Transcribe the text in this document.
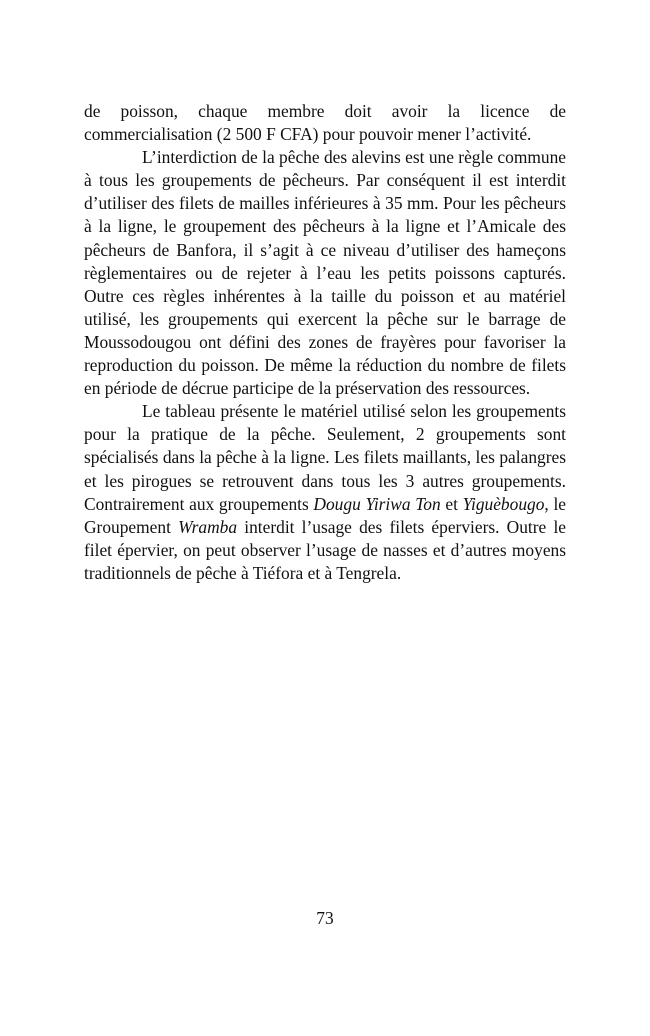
de poisson, chaque membre doit avoir la licence de commercialisation (2 500 F CFA) pour pouvoir mener l’activité.

L’interdiction de la pêche des alevins est une règle commune à tous les groupements de pêcheurs. Par conséquent il est interdit d’utiliser des filets de mailles inférieures à 35 mm. Pour les pêcheurs à la ligne, le groupement des pêcheurs à la ligne et l’Amicale des pêcheurs de Banfora, il s’agit à ce niveau d’utiliser des hameçons règlementaires ou de rejeter à l’eau les petits poissons capturés. Outre ces règles inhérentes à la taille du poisson et au matériel utilisé, les groupements qui exercent la pêche sur le barrage de Moussodougou ont défini des zones de frayères pour favoriser la reproduction du poisson. De même la réduction du nombre de filets en période de décrue participe de la préservation des ressources.

Le tableau présente le matériel utilisé selon les groupements pour la pratique de la pêche. Seulement, 2 groupements sont spécialisés dans la pêche à la ligne. Les filets maillants, les palangres et les pirogues se retrouvent dans tous les 3 autres groupements. Contrairement aux groupements Dougu Yiriwa Ton et Yiguèbougo, le Groupement Wramba interdit l’usage des filets éperviers. Outre le filet épervier, on peut observer l’usage de nasses et d’autres moyens traditionnels de pêche à Tiéfora et à Tengrela.

73
